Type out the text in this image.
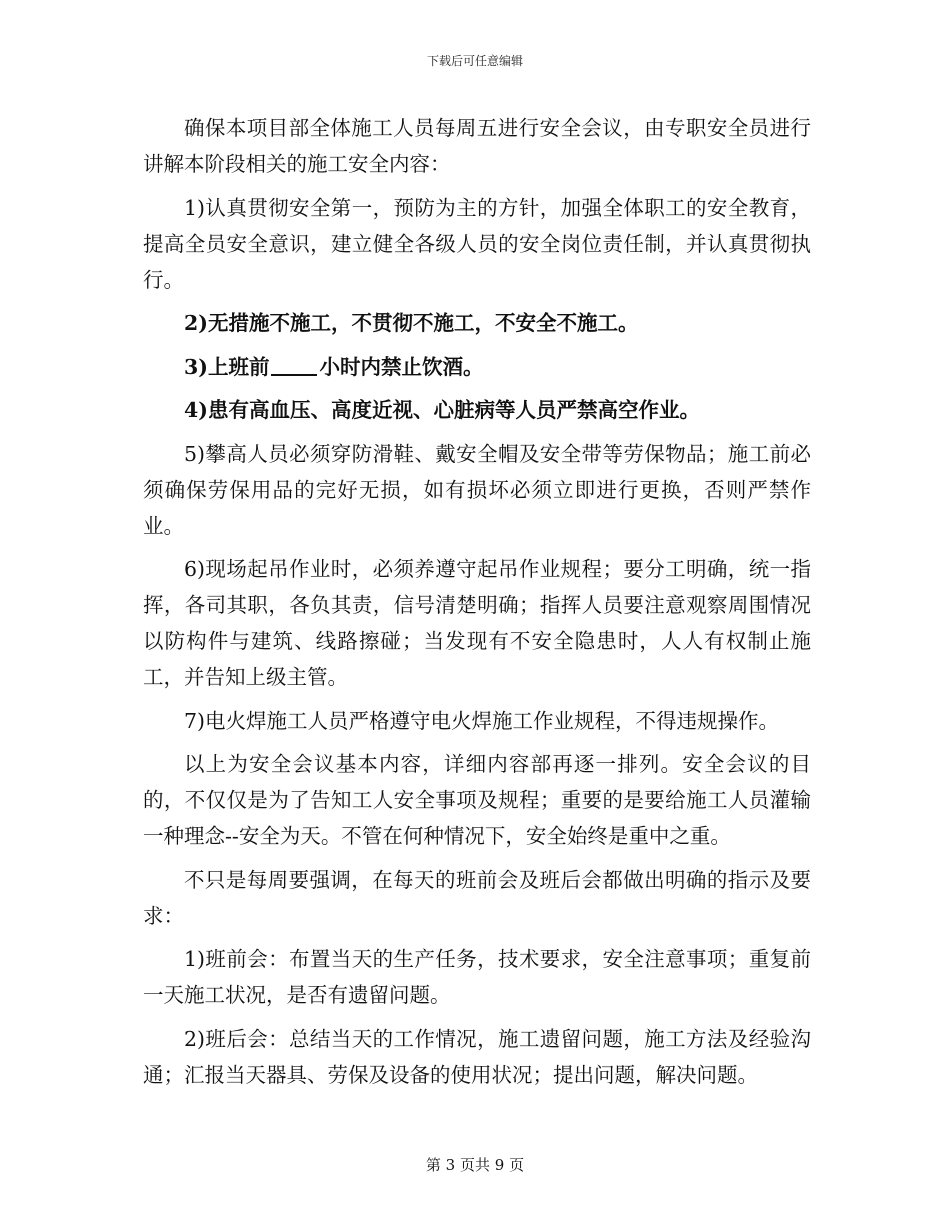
下载后可任意编辑

确保本项目部全体施工人员每周五进行安全会议，由专职安全员进行讲解本阶段相关的施工安全内容：

1)认真贯彻安全第一，预防为主的方针，加强全体职工的安全教育，提高全员安全意识，建立健全各级人员的安全岗位责任制，并认真贯彻执行。

2)无措施不施工，不贯彻不施工，不安全不施工。

3)上班前 小时内禁止饮酒。

4)患有高血压、高度近视、心脏病等人员严禁高空作业。

5)攀高人员必须穿防滑鞋、戴安全帽及安全带等劳保物品；施工前必须确保劳保用品的完好无损，如有损坏必须立即进行更换，否则严禁作业。

6)现场起吊作业时，必须养遵守起吊作业规程；要分工明确，统一指挥，各司其职，各负其责，信号清楚明确；指挥人员要注意观察周围情况以防构件与建筑、线路擦碰；当发现有不安全隐患时，人人有权制止施工，并告知上级主管。

7)电火焊施工人员严格遵守电火焊施工作业规程，不得违规操作。

以上为安全会议基本内容，详细内容部再逐一排列。安全会议的目的，不仅仅是为了告知工人安全事项及规程；重要的是要给施工人员灌输一种理念--安全为天。不管在何种情况下，安全始终是重中之重。

不只是每周要强调，在每天的班前会及班后会都做出明确的指示及要求：

1)班前会：布置当天的生产任务，技术要求，安全注意事项；重复前一天施工状况，是否有遗留问题。

2)班后会：总结当天的工作情况，施工遗留问题，施工方法及经验沟通；汇报当天器具、劳保及设备的使用状况；提出问题，解决问题。

第 3 页共 9 页
